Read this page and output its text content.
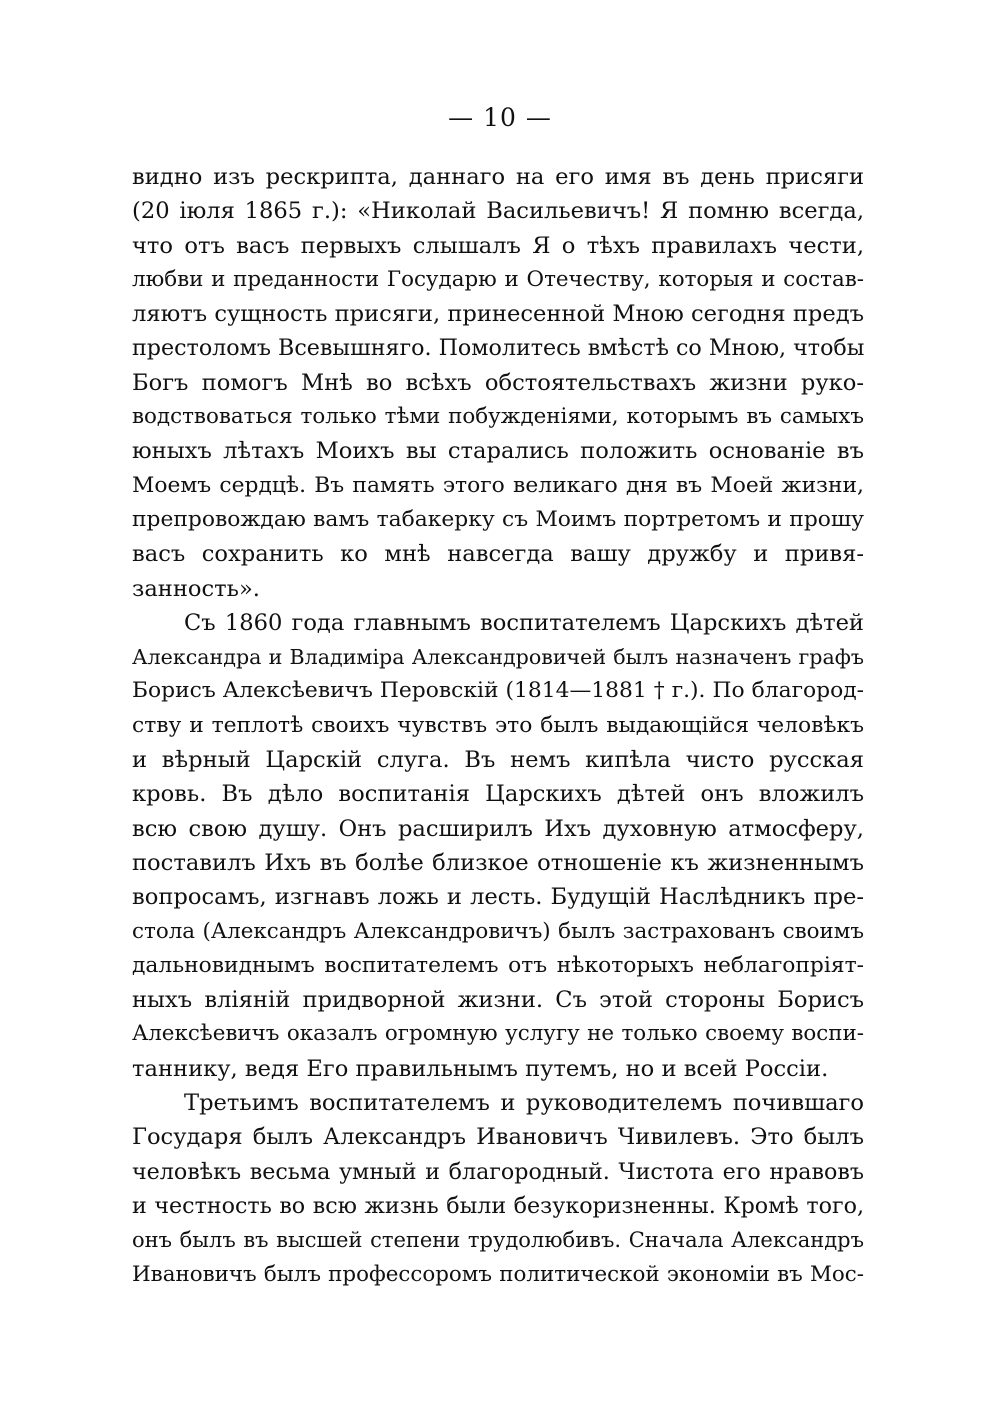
— 10 —
видно изъ рескрипта, даннаго на его имя въ день присяги
(20 іюля 1865 г.): «Николай Васильевичъ! Я помню всегда,
что отъ васъ первыхъ слышалъ Я о тѣхъ правилахъ чести,
любви и преданности Государю и Отечеству, которыя и состав-
ляютъ сущность присяги, принесенной Мною сегодня предъ
престоломъ Всевышняго. Помолитесь вмѣстѣ со Мною, чтобы
Богъ помогъ Мнѣ во всѣхъ обстоятельствахъ жизни руко-
водствоваться только тѣми побужденіями, которымъ въ самыхъ
юныхъ лѣтахъ Моихъ вы старались положить основаніе въ
Моемъ сердцѣ. Въ память этого великаго дня въ Моей жизни,
препровождаю вамъ табакерку съ Моимъ портретомъ и прошу
васъ сохранить ко мнѣ навсегда вашу дружбу и привя-
занность».
Съ 1860 года главнымъ воспитателемъ Царскихъ дѣтей
Александра и Владиміра Александровичей былъ назначенъ графъ
Борисъ Алексѣевичъ Перовскій (1814—1881 † г.). По благород-
ству и теплотѣ своихъ чувствъ это былъ выдающійся человѣкъ
и вѣрный Царскій слуга. Въ немъ кипѣла чисто русская
кровь. Въ дѣло воспитанія Царскихъ дѣтей онъ вложилъ
всю свою душу. Онъ расширилъ Ихъ духовную атмосферу,
поставилъ Ихъ въ болѣе близкое отношеніе къ жизненнымъ
вопросамъ, изгнавъ ложь и лесть. Будущій Наслѣдникъ пре-
стола (Александръ Александровичъ) былъ застрахованъ своимъ
дальновиднымъ воспитателемъ отъ нѣкоторыхъ неблагопріят-
ныхъ вліяній придворной жизни. Съ этой стороны Борисъ
Алексѣевичъ оказалъ огромную услугу не только своему воспи-
таннику, ведя Его правильнымъ путемъ, но и всей Россіи.
Третьимъ воспитателемъ и руководителемъ почившаго
Государя былъ Александръ Ивановичъ Чивилевъ. Это былъ
человѣкъ весьма умный и благородный. Чистота его нравовъ
и честность во всю жизнь были безукоризненны. Кромѣ того,
онъ былъ въ высшей степени трудолюбивъ. Сначала Александръ
Ивановичъ былъ профессоромъ политической экономіи въ Мос-
